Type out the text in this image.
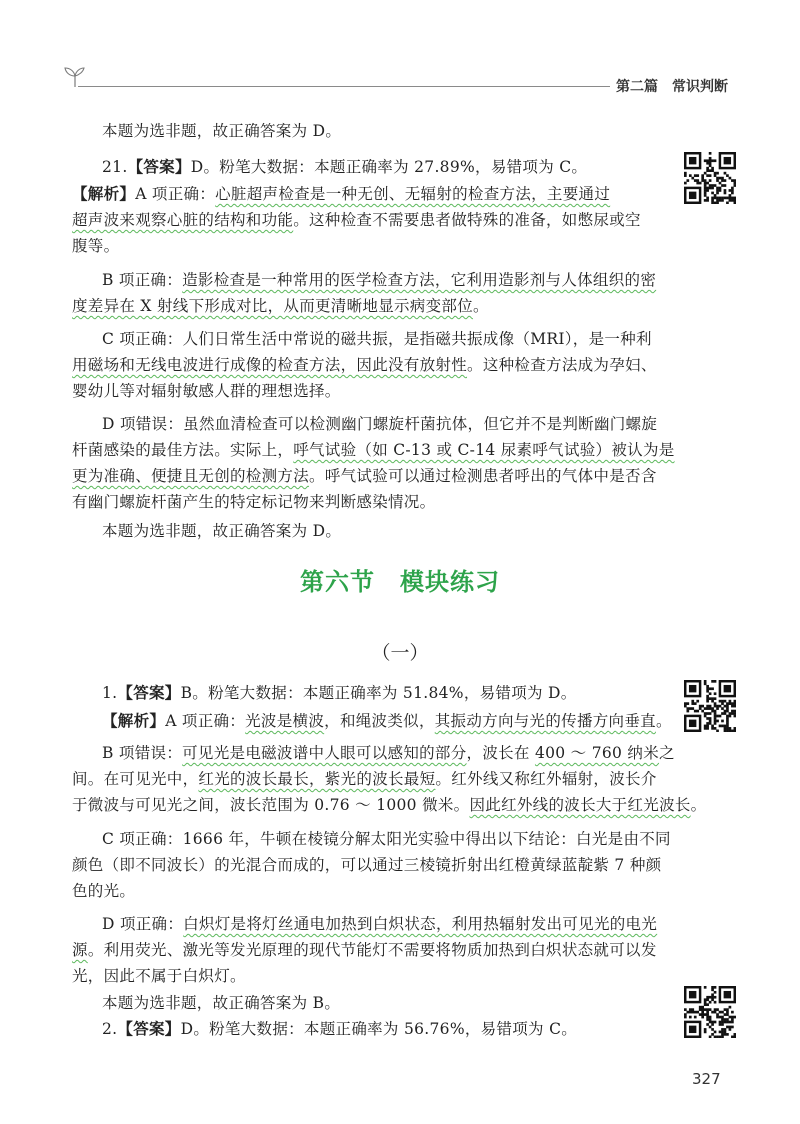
第二篇　常识判断
本题为选非题，故正确答案为 D。
21.【答案】D。粉笔大数据：本题正确率为 27.89%，易错项为 C。
【解析】A 项正确：心脏超声检查是一种无创、无辐射的检查方法，主要通过
超声波来观察心脏的结构和功能。这种检查不需要患者做特殊的准备，如憋尿或空
腹等。
B 项正确：造影检查是一种常用的医学检查方法，它利用造影剂与人体组织的密
度差异在 X 射线下形成对比，从而更清晰地显示病变部位。
C 项正确：人们日常生活中常说的磁共振，是指磁共振成像（MRI），是一种利
用磁场和无线电波进行成像的检查方法，因此没有放射性。这种检查方法成为孕妇、
婴幼儿等对辐射敏感人群的理想选择。
D 项错误：虽然血清检查可以检测幽门螺旋杆菌抗体，但它并不是判断幽门螺旋
杆菌感染的最佳方法。实际上，呼气试验（如 C-13 或 C-14 尿素呼气试验）被认为是
更为准确、便捷且无创的检测方法。呼气试验可以通过检测患者呼出的气体中是否含
有幽门螺旋杆菌产生的特定标记物来判断感染情况。
本题为选非题，故正确答案为 D。
第六节　模块练习
（一）
1.【答案】B。粉笔大数据：本题正确率为 51.84%，易错项为 D。
【解析】A 项正确：光波是横波，和绳波类似，其振动方向与光的传播方向垂直。
B 项错误：可见光是电磁波谱中人眼可以感知的部分，波长在 400 ～ 760 纳米之
间。在可见光中，红光的波长最长，紫光的波长最短。红外线又称红外辐射，波长介
于微波与可见光之间，波长范围为 0.76 ～ 1000 微米。因此红外线的波长大于红光波长。
C 项正确：1666 年，牛顿在棱镜分解太阳光实验中得出以下结论：白光是由不同
颜色（即不同波长）的光混合而成的，可以通过三棱镜折射出红橙黄绿蓝靛紫 7 种颜
色的光。
D 项正确：白炽灯是将灯丝通电加热到白炽状态，利用热辐射发出可见光的电光
源。利用荧光、激光等发光原理的现代节能灯不需要将物质加热到白炽状态就可以发
光，因此不属于白炽灯。
本题为选非题，故正确答案为 B。
2.【答案】D。粉笔大数据：本题正确率为 56.76%，易错项为 C。
327
